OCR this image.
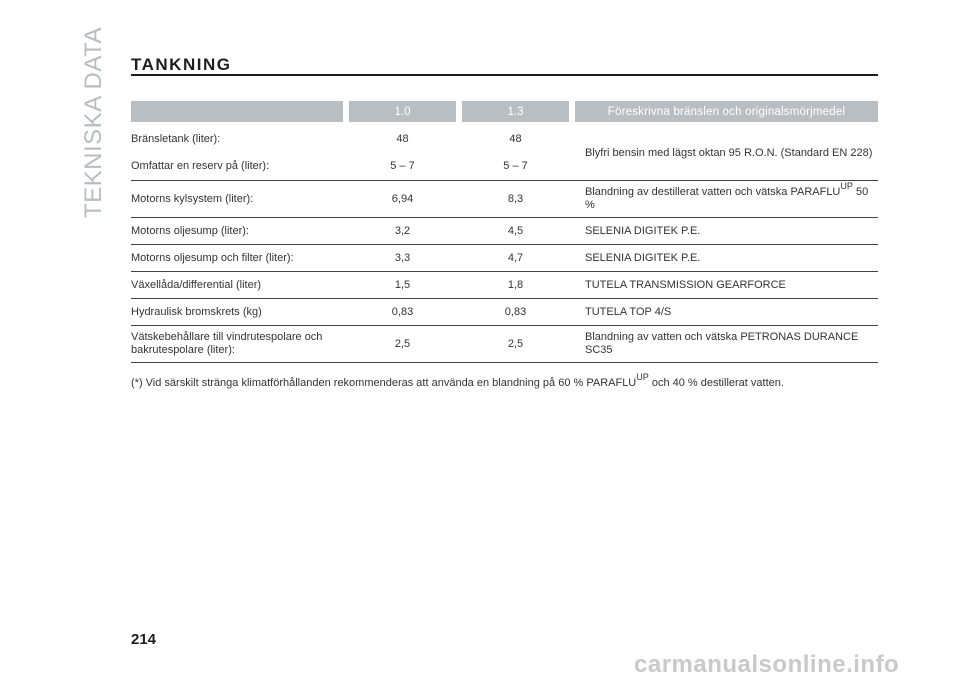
TEKNISKA DATA TANKNING
		1.0		1.3		Föreskrivna bränslen och originalsmörjmedel
Bränsletank (liter):		48		48		Blyfri bensin med lägst oktan 95 R.O.N. (Standard EN 228)
Omfattar en reserv på (liter):		5 – 7		5 – 7		
Motorns kylsystem (liter):		6,94		8,3		Blandning av destillerat vatten och vätska $PARAFLU^{UP}$ 50 %
Motorns oljesump (liter):		3,2		4,5		SELENIA DIGITEK P.E.
Motorns oljesump och filter (liter):		3,3		4,7		SELENIA DIGITEK P.E.
Växellåda/differential (liter)		1,5		1,8		TUTELA TRANSMISSION GEARFORCE
Hydraulisk bromskrets (kg)		0,83		0,83		TUTELA TOP 4/S
Vätskebehållare till vindrutespolare och bakrutespolare (liter):		2,5		2,5		Blandning av vatten och vätska PETRONAS DURANCE SC35
(*) Vid särskilt stränga klimatförhållanden rekommenderas att använda en blandning på 60 % $PARAFLU^{UP}$ och 40 % destillerat vatten.
214
carmanualsonline.info
